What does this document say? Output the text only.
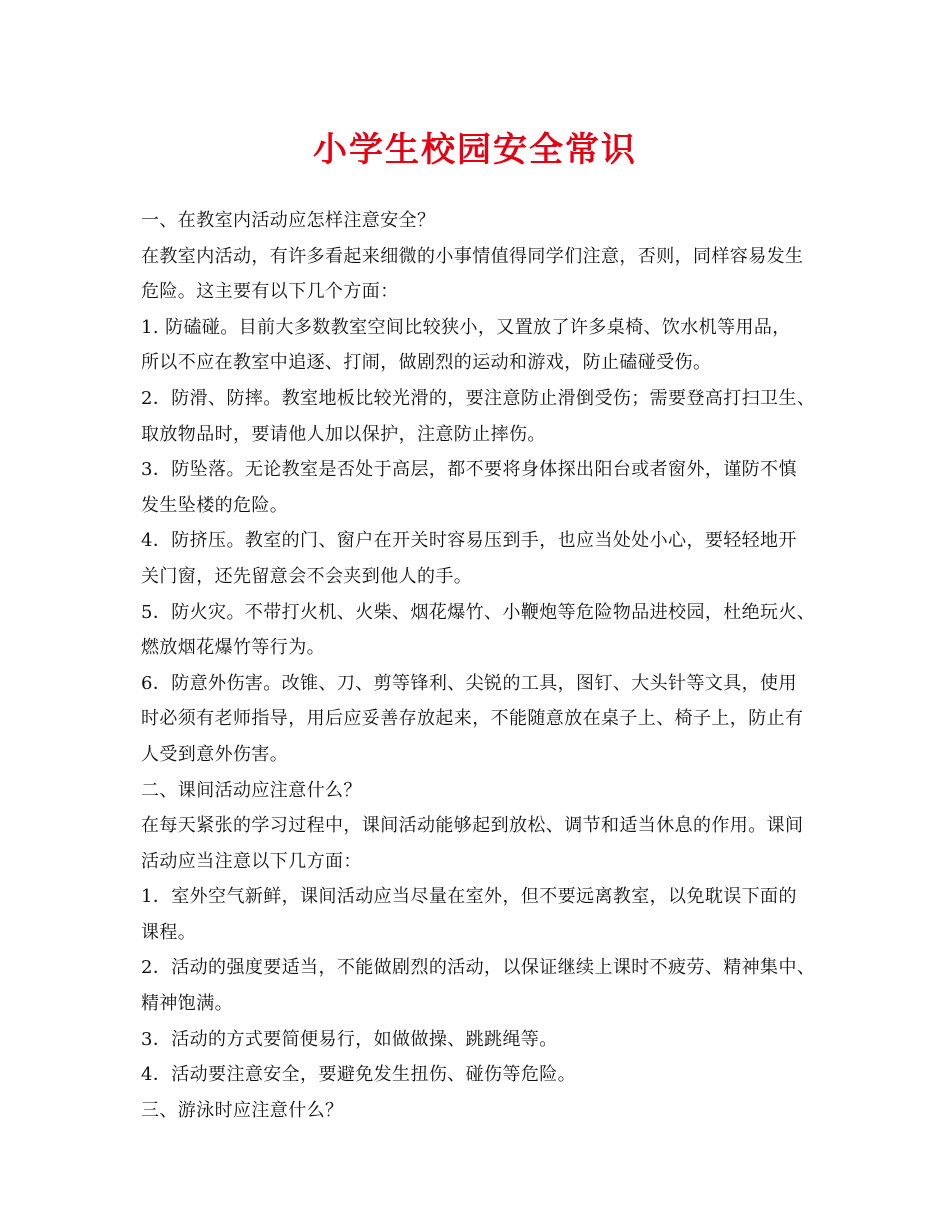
小学生校园安全常识

一、在教室内活动应怎样注意安全？

在教室内活动，有许多看起来细微的小事情值得同学们注意，否则，同样容易发生

危险。这主要有以下几个方面：

1. 防磕碰。目前大多数教室空间比较狭小，又置放了许多桌椅、饮水机等用品，

所以不应在教室中追逐、打闹，做剧烈的运动和游戏，防止磕碰受伤。

2．防滑、防摔。教室地板比较光滑的，要注意防止滑倒受伤；需要登高打扫卫生、

取放物品时，要请他人加以保护，注意防止摔伤。

3．防坠落。无论教室是否处于高层，都不要将身体探出阳台或者窗外，谨防不慎

发生坠楼的危险。

4．防挤压。教室的门、窗户在开关时容易压到手，也应当处处小心，要轻轻地开

关门窗，还先留意会不会夹到他人的手。

5．防火灾。不带打火机、火柴、烟花爆竹、小鞭炮等危险物品进校园，杜绝玩火、

燃放烟花爆竹等行为。

6．防意外伤害。改锥、刀、剪等锋利、尖锐的工具，图钉、大头针等文具，使用

时必须有老师指导，用后应妥善存放起来，不能随意放在桌子上、椅子上，防止有

人受到意外伤害。

二、课间活动应注意什么？

在每天紧张的学习过程中，课间活动能够起到放松、调节和适当休息的作用。课间

活动应当注意以下几方面：

1．室外空气新鲜，课间活动应当尽量在室外，但不要远离教室，以免耽误下面的

课程。

2．活动的强度要适当，不能做剧烈的活动，以保证继续上课时不疲劳、精神集中、

精神饱满。

3．活动的方式要简便易行，如做做操、跳跳绳等。

4．活动要注意安全，要避免发生扭伤、碰伤等危险。

三、游泳时应注意什么？
